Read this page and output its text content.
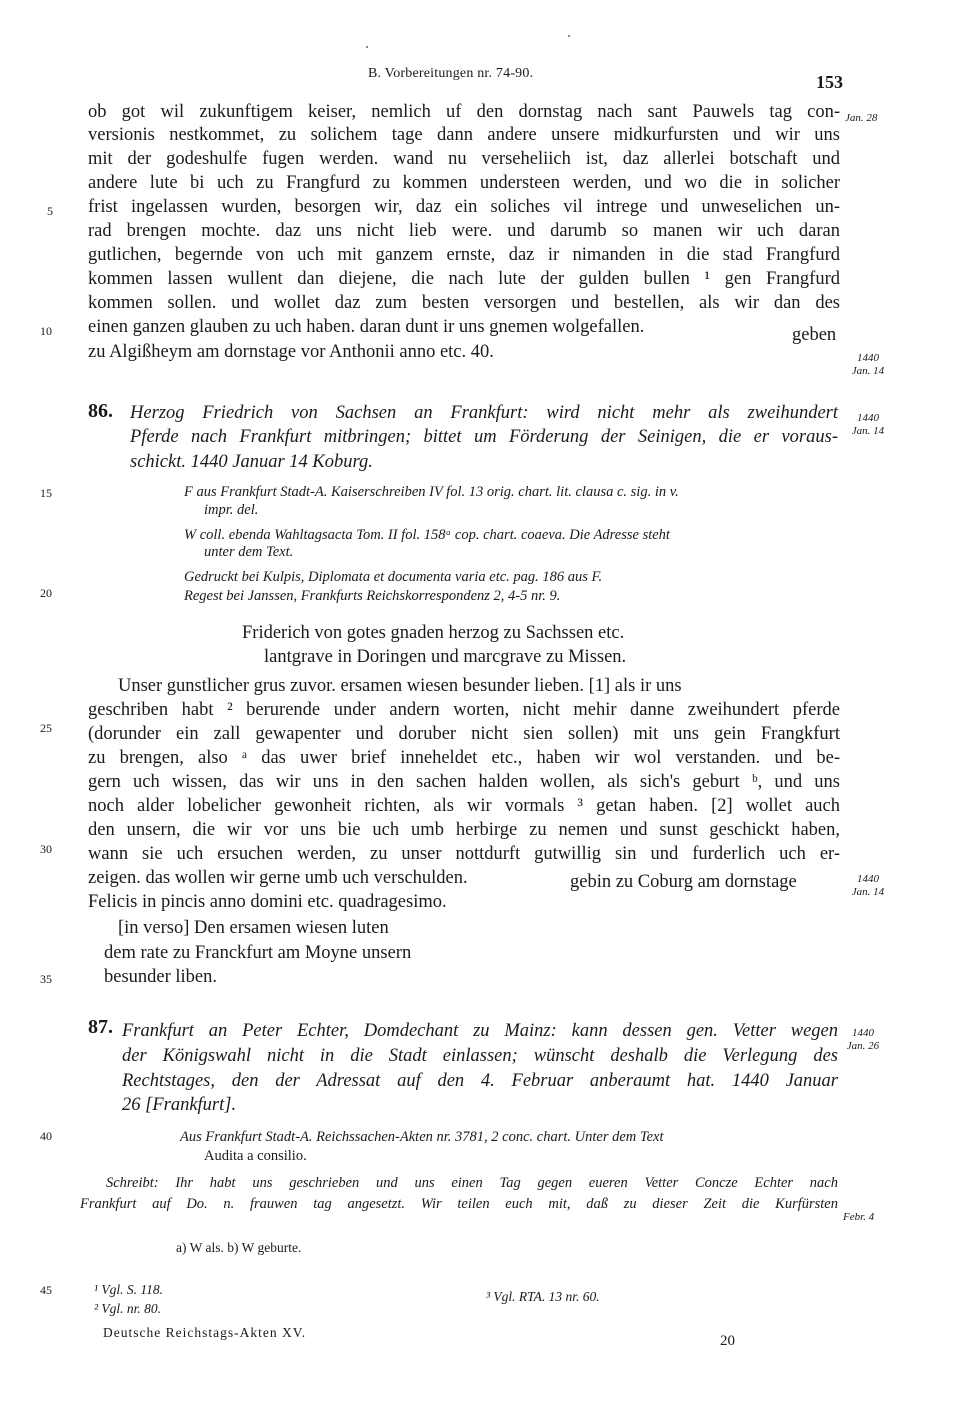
B. Vorbereitungen nr. 74-90.	153
ob got wil zukunftigem keiser, nemlich uf den dornstag nach sant Pauwels tag con-
versionis nestkommet, zu solichem tage dann andere unsere midkurfursten und wir uns
mit der godeshulfe fugen werden. wand nu verseheliich ist, daz allerlei botschaft und
andere lute bi uch zu Frangfurd zu kommen understeen werden, und wo die in solicher
frist ingelassen wurden, besorgen wir, daz ein soliches vil intrege und unweselichen un-
rad brengen mochte. daz uns nicht lieb were. und darumb so manen wir uch daran
gutlichen, begernde von uch mit ganzem ernste, daz ir nimanden in die stad Frangfurd
kommen lassen wullent dan diejene, die nach lute der gulden bullen ¹ gen Frangfurd
kommen sollen. und wollet daz zum besten versorgen und bestellen, als wir dan des
einen ganzen glauben zu uch haben. daran dunt ir uns gnemen wolgefallen.	geben
zu Algißheym am dornstage vor Anthonii anno etc. 40.
5
10
15
20
25
30
35
40
45
Jan. 28
1440
Jan. 14
1440
Jan. 14
1440
Jan. 14
1440
Jan. 26
Febr. 4
86. Herzog Friedrich von Sachsen an Frankfurt: wird nicht mehr als zweihundert
Pferde nach Frankfurt mitbringen; bittet um Förderung der Seinigen, die er voraus-
schickt. 1440 Januar 14 Koburg.
F aus Frankfurt Stadt-A. Kaiserschreiben IV fol. 13 orig. chart. lit. clausa c. sig. in v.
impr. del.
W coll. ebenda Wahltagsacta Tom. II fol. 158ᵃ cop. chart. coaeva. Die Adresse steht
unter dem Text.
Gedruckt bei Kulpis, Diplomata et documenta varia etc. pag. 186 aus F.
Regest bei Janssen, Frankfurts Reichskorrespondenz 2, 4-5 nr. 9.
Friderich von gotes gnaden herzog zu Sachssen etc.
lantgrave in Doringen und marcgrave zu Missen.
Unser gunstlicher grus zuvor. ersamen wiesen besunder lieben. [1] als ir uns
geschriben habt ² berurende under andern worten, nicht mehir danne zweihundert pferde
(dorunder ein zall gewapenter und doruber nicht sien sollen) mit uns gein Frangkfurt
zu brengen, also ᵃ das uwer brief inneheldet etc., haben wir wol verstanden. und be-
gern uch wissen, das wir uns in den sachen halden wollen, als sich's geburt ᵇ, und uns
noch alder lobelicher gewonheit richten, als wir vormals ³ getan haben. [2] wollet auch
den unsern, die wir vor uns bie uch umb herbirge zu nemen und sunst geschickt haben,
wann sie uch ersuchen werden, zu unser nottdurft gutwillig sin und furderlich uch er-
zeigen. das wollen wir gerne umb uch verschulden.	gebin zu Coburg am dornstage
Felicis in pincis anno domini etc. quadragesimo.
[in verso] Den ersamen wiesen luten
dem rate zu Franckfurt am Moyne unsern
besunder liben.
87. Frankfurt an Peter Echter, Domdechant zu Mainz: kann dessen gen. Vetter wegen
der Königswahl nicht in die Stadt einlassen; wünscht deshalb die Verlegung des
Rechtstages, den der Adressat auf den 4. Februar anberaumt hat. 1440 Januar
26 [Frankfurt].
Aus Frankfurt Stadt-A. Reichssachen-Akten nr. 3781, 2 conc. chart. Unter dem Text
Audita a consilio.
Schreibt: Ihr habt uns geschrieben und uns einen Tag gegen eueren Vetter Concze Echter nach
Frankfurt auf Do. n. frauwen tag angesetzt. Wir teilen euch mit, daß zu dieser Zeit die Kurfürsten
a) W als. b) W geburte.
¹ Vgl. S. 118.
² Vgl. nr. 80.
³ Vgl. RTA. 13 nr. 60.
Deutsche Reichstags-Akten XV.
20
